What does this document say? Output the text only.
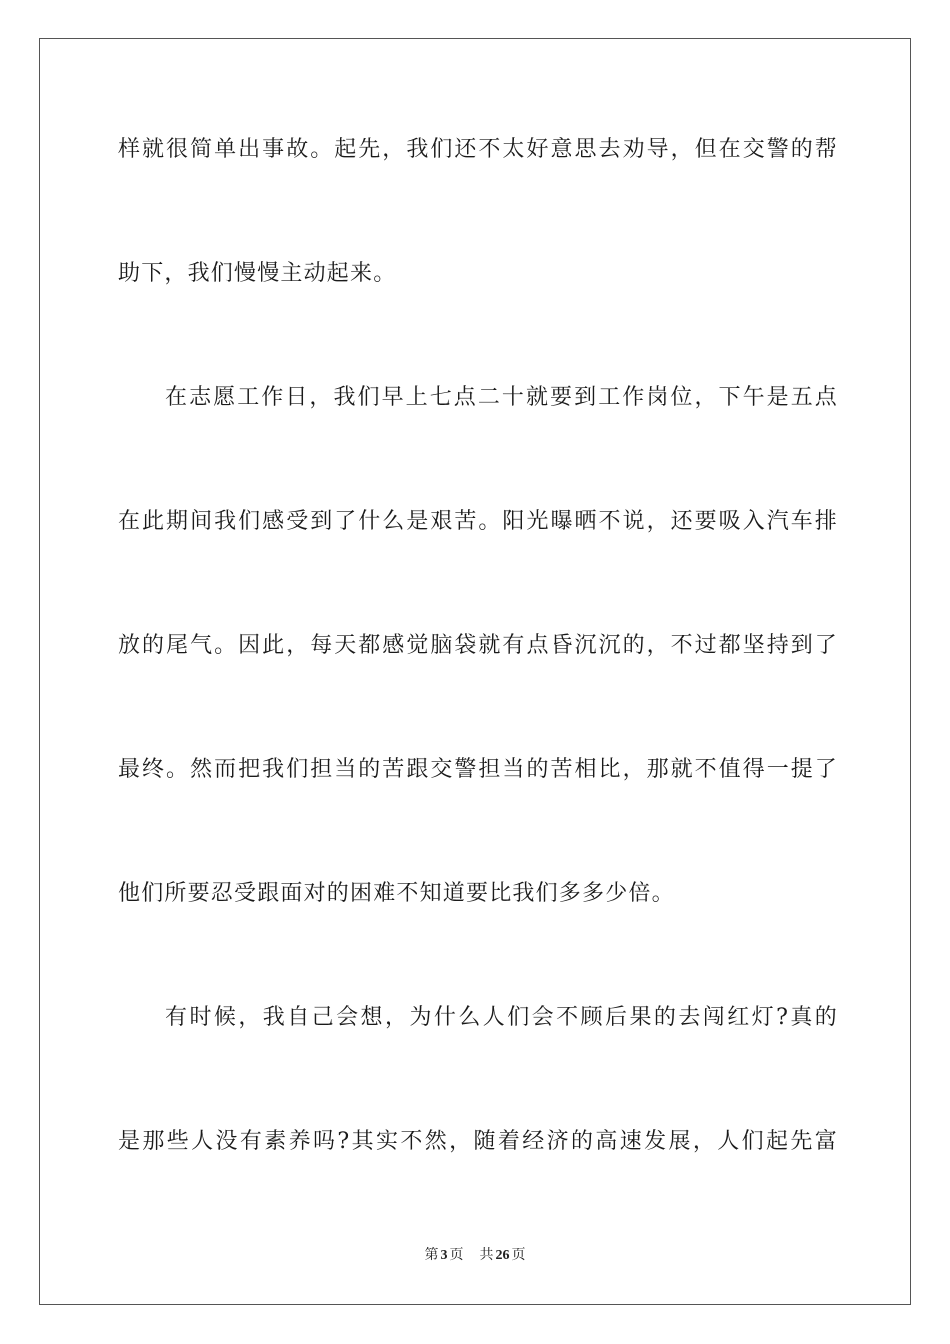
样就很简单出事故。起先，我们还不太好意思去劝导，但在交警的帮
助下，我们慢慢主动起来。
在志愿工作日，我们早上七点二十就要到工作岗位，下午是五点
在此期间我们感受到了什么是艰苦。阳光曝晒不说，还要吸入汽车排
放的尾气。因此，每天都感觉脑袋就有点昏沉沉的，不过都坚持到了
最终。然而把我们担当的苦跟交警担当的苦相比，那就不值得一提了
他们所要忍受跟面对的困难不知道要比我们多多少倍。
有时候，我自己会想，为什么人们会不顾后果的去闯红灯?真的
是那些人没有素养吗?其实不然，随着经济的高速发展，人们起先富
第 3 页 共 26 页
